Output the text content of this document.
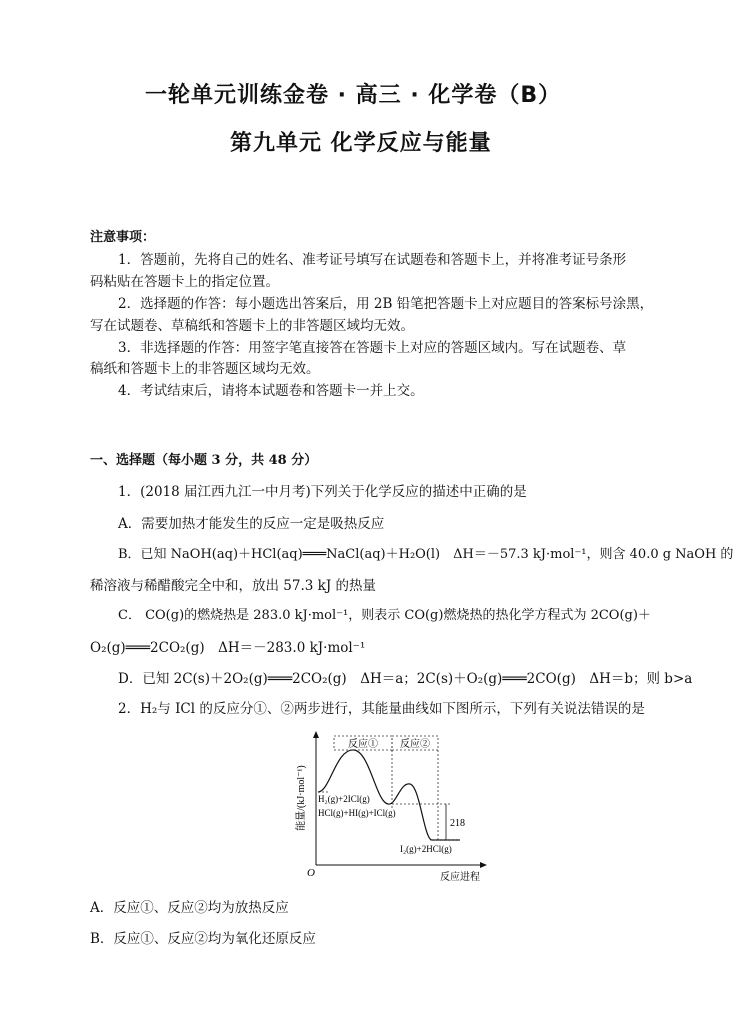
一轮单元训练金卷 · 高三 · 化学卷（B）
第九单元 化学反应与能量
注意事项：
1．答题前，先将自己的姓名、准考证号填写在试题卷和答题卡上，并将准考证号条形
码粘贴在答题卡上的指定位置。
2．选择题的作答：每小题选出答案后，用 2B 铅笔把答题卡上对应题目的答案标号涂黑，
写在试题卷、草稿纸和答题卡上的非答题区域均无效。
3．非选择题的作答：用签字笔直接答在答题卡上对应的答题区域内。写在试题卷、草
稿纸和答题卡上的非答题区域均无效。
4．考试结束后，请将本试题卷和答题卡一并上交。
一、选择题（每小题 3 分，共 48 分）
1．(2018 届江西九江一中月考)下列关于化学反应的描述中正确的是
A．需要加热才能发生的反应一定是吸热反应
B．已知 NaOH(aq)＋HCl(aq)═══NaCl(aq)＋H₂O(l)　ΔH＝－57.3 kJ·mol⁻¹，则含 40.0 g NaOH 的
稀溶液与稀醋酸完全中和，放出 57.3 kJ 的热量
C． CO(g)的燃烧热是 283.0 kJ·mol⁻¹，则表示 CO(g)燃烧热的热化学方程式为 2CO(g)＋
O₂(g)═══2CO₂(g)　ΔH＝－283.0 kJ·mol⁻¹
D．已知 2C(s)＋2O₂(g)═══2CO₂(g)　ΔH＝a；2C(s)＋O₂(g)═══2CO(g)　ΔH＝b；则 b>a
2．H₂与 ICl 的反应分①、②两步进行，其能量曲线如下图所示，下列有关说法错误的是
能量/(kJ·mol⁻¹)
O	反应进程
反应① 反应②
H₂(g)+2ICl(g)
HCl(g)+HI(g)+ICl(g)
I₂(g)+2HCl(g)
218
A．反应①、反应②均为放热反应
B．反应①、反应②均为氧化还原反应
